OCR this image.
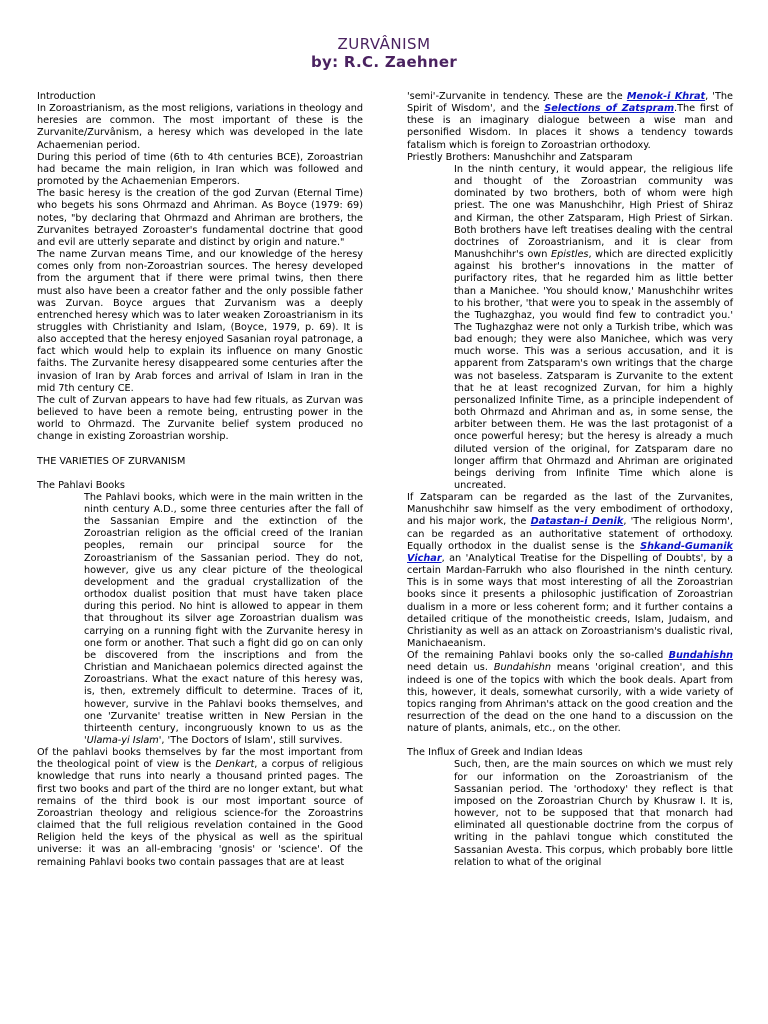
ZURVÂNISM
by: R.C. Zaehner

Introduction

In Zoroastrianism, as the most religions, variations in theology and heresies are common. The most important of these is the Zurvanite/Zurvânism, a heresy which was developed in the late Achaemenian period.

During this period of time (6th to 4th centuries BCE), Zoroastrian had became the main religion, in Iran which was followed and promoted by the Achaemenian Emperors.

The basic heresy is the creation of the god Zurvan (Eternal Time) who begets his sons Ohrmazd and Ahriman. As Boyce (1979: 69) notes, "by declaring that Ohrmazd and Ahriman are brothers, the Zurvanites betrayed Zoroaster's fundamental doctrine that good and evil are utterly separate and distinct by origin and nature."

The name Zurvan means Time, and our knowledge of the heresy comes only from non-Zoroastrian sources. The heresy developed from the argument that if there were primal twins, then there must also have been a creator father and the only possible father was Zurvan. Boyce argues that Zurvanism was a deeply entrenched heresy which was to later weaken Zoroastrianism in its struggles with Christianity and Islam, (Boyce, 1979, p. 69). It is also accepted that the heresy enjoyed Sasanian royal patronage, a fact which would help to explain its influence on many Gnostic faiths. The Zurvanite heresy disappeared some centuries after the invasion of Iran by Arab forces and arrival of Islam in Iran in the mid 7th century CE.

The cult of Zurvan appears to have had few rituals, as Zurvan was believed to have been a remote being, entrusting power in the world to Ohrmazd. The Zurvanite belief system produced no change in existing Zoroastrian worship.

THE VARIETIES OF ZURVANISM

The Pahlavi Books

The Pahlavi books, which were in the main written in the ninth century A.D., some three centuries after the fall of the Sassanian Empire and the extinction of the Zoroastrian religion as the official creed of the Iranian peoples, remain our principal source for the Zoroastrianism of the Sassanian period. They do not, however, give us any clear picture of the theological development and the gradual crystallization of the orthodox dualist position that must have taken place during this period. No hint is allowed to appear in them that throughout its silver age Zoroastrian dualism was carrying on a running fight with the Zurvanite heresy in one form or another. That such a fight did go on can only be discovered from the inscriptions and from the Christian and Manichaean polemics directed against the Zoroastrians. What the exact nature of this heresy was, is, then, extremely difficult to determine. Traces of it, however, survive in the Pahlavi books themselves, and one 'Zurvanite' treatise written in New Persian in the thirteenth century, incongruously known to us as the 'Ulama-yi Islam', 'The Doctors of Islam', still survives.

Of the pahlavi books themselves by far the most important from the theological point of view is the Denkart, a corpus of religious knowledge that runs into nearly a thousand printed pages. The first two books and part of the third are no longer extant, but what remains of the third book is our most important source of Zoroastrian theology and religious science-for the Zoroastrins claimed that the full religious revelation contained in the Good Religion held the keys of the physical as well as the spiritual universe: it was an all-embracing 'gnosis' or 'science'. Of the remaining Pahlavi books two contain passages that are at least

'semi'-Zurvanite in tendency. These are the Menok-i Khrat, 'The Spirit of Wisdom', and the Selections of Zatspram.The first of these is an imaginary dialogue between a wise man and personified Wisdom. In places it shows a tendency towards fatalism which is foreign to Zoroastrian orthodoxy.

Priestly Brothers: Manushchihr and Zatsparam

In the ninth century, it would appear, the religious life and thought of the Zoroastrian community was dominated by two brothers, both of whom were high priest. The one was Manushchihr, High Priest of Shiraz and Kirman, the other Zatsparam, High Priest of Sirkan. Both brothers have left treatises dealing with the central doctrines of Zoroastrianism, and it is clear from Manushchihr's own Epistles, which are directed explicitly against his brother's innovations in the matter of purifactory rites, that he regarded him as little better than a Manichee. 'You should know,' Manushchihr writes to his brother, 'that were you to speak in the assembly of the Tughazghaz, you would find few to contradict you.' The Tughazghaz were not only a Turkish tribe, which was bad enough; they were also Manichee, which was very much worse. This was a serious accusation, and it is apparent from Zatsparam's own writings that the charge was not baseless. Zatsparam is Zurvanite to the extent that he at least recognized Zurvan, for him a highly personalized Infinite Time, as a principle independent of both Ohrmazd and Ahriman and as, in some sense, the arbiter between them. He was the last protagonist of a once powerful heresy; but the heresy is already a much diluted version of the original, for Zatsparam dare no longer affirm that Ohrmazd and Ahriman are originated beings deriving from Infinite Time which alone is uncreated.

If Zatsparam can be regarded as the last of the Zurvanites, Manushchihr saw himself as the very embodiment of orthodoxy, and his major work, the Datastan-i Denik, 'The religious Norm', can be regarded as an authoritative statement of orthodoxy. Equally orthodox in the dualist sense is the Shkand-Gumanik Vichar, an 'Analytical Treatise for the Dispelling of Doubts', by a certain Mardan-Farrukh who also flourished in the ninth century. This is in some ways that most interesting of all the Zoroastrian books since it presents a philosophic justification of Zoroastrian dualism in a more or less coherent form; and it further contains a detailed critique of the monotheistic creeds, Islam, Judaism, and Christianity as well as an attack on Zoroastrianism's dualistic rival, Manichaeanism.

Of the remaining Pahlavi books only the so-called Bundahishn need detain us. Bundahishn means 'original creation', and this indeed is one of the topics with which the book deals. Apart from this, however, it deals, somewhat cursorily, with a wide variety of topics ranging from Ahriman's attack on the good creation and the resurrection of the dead on the one hand to a discussion on the nature of plants, animals, etc., on the other.

The Influx of Greek and Indian Ideas

Such, then, are the main sources on which we must rely for our information on the Zoroastrianism of the Sassanian period. The 'orthodoxy' they reflect is that imposed on the Zoroastrian Church by Khusraw I. It is, however, not to be supposed that that monarch had eliminated all questionable doctrine from the corpus of writing in the pahlavi tongue which constituted the Sassanian Avesta. This corpus, which probably bore little relation to what of the original
